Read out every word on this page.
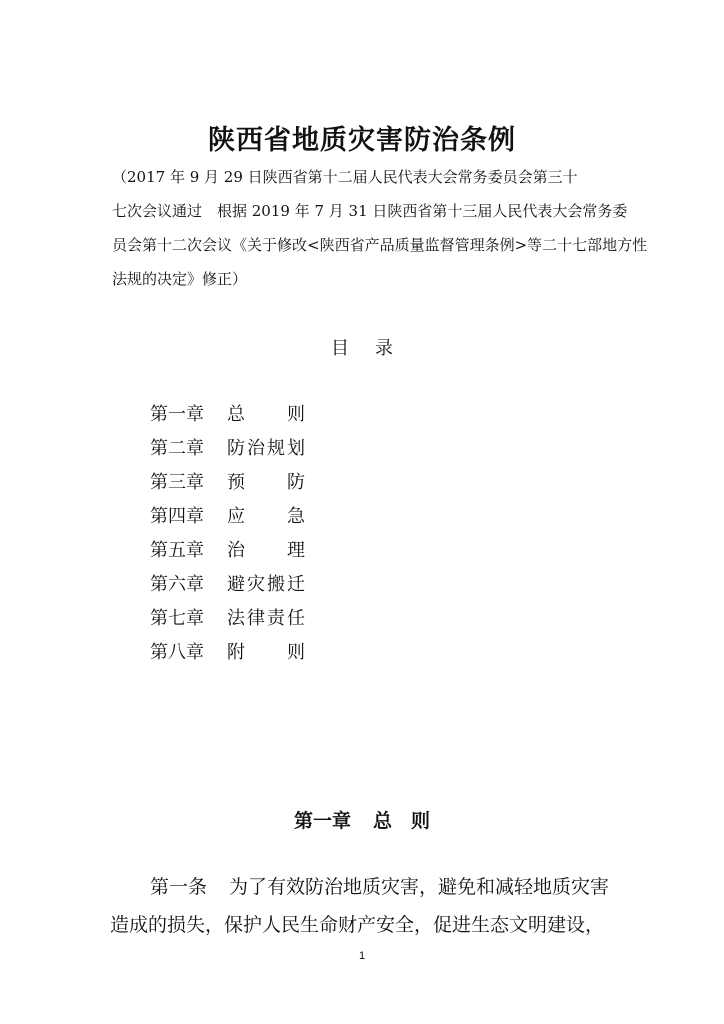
陕西省地质灾害防治条例

（2017 年 9 月 29 日陕西省第十二届人民代表大会常务委员会第三十

七次会议通过　根据 2019 年 7 月 31 日陕西省第十三届人民代表大会常务委

员会第十二次会议《关于修改<陕西省产品质量监督管理条例>等二十七部地方性

法规的决定》修正）

目录
第一章	总则
第二章	防治规划
第三章	预防
第四章	应急
第五章	治理
第六章	避灾搬迁
第七章	法律责任
第八章	附则
第一章 总　则

第一条 为了有效防治地质灾害，避免和减轻地质灾害

造成的损失，保护人民生命财产安全，促进生态文明建设，

1
